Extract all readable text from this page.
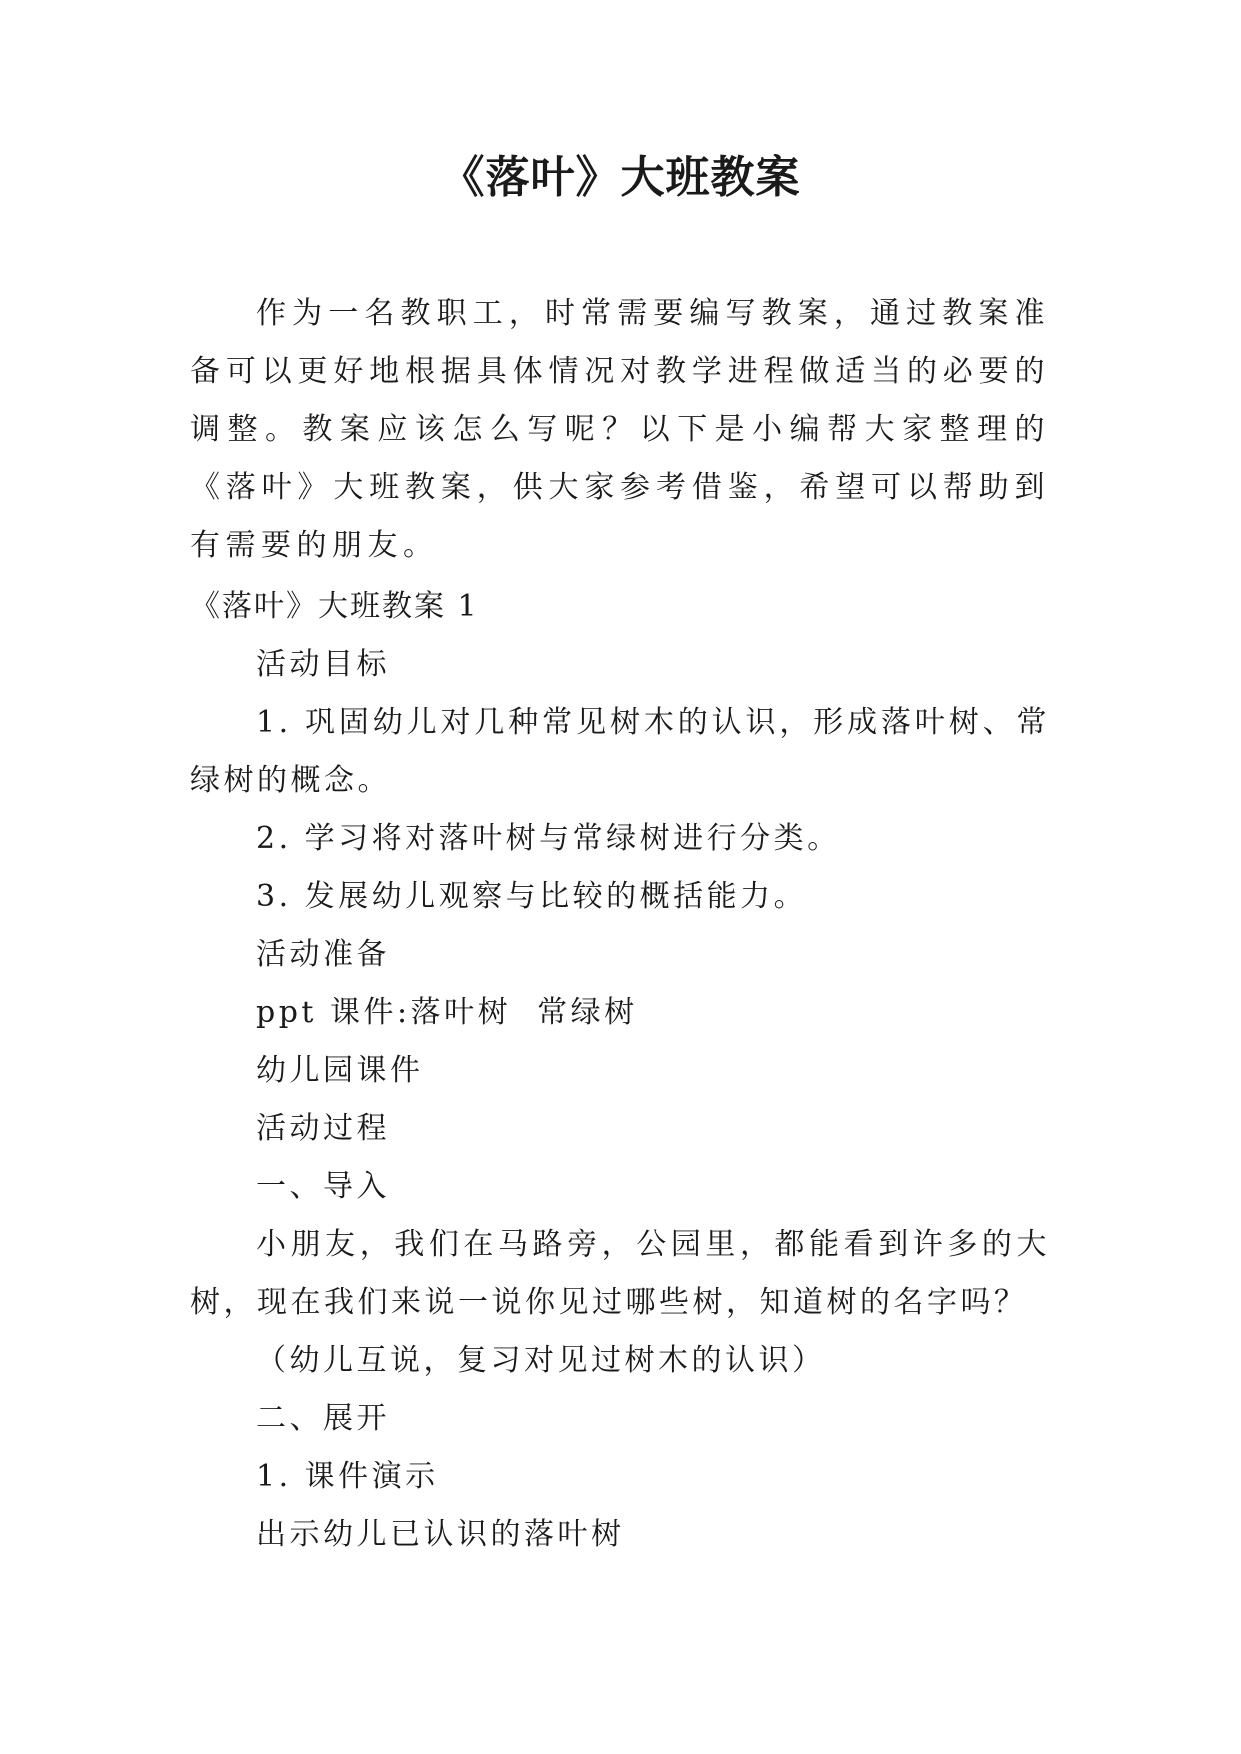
《落叶》大班教案

作为一名教职工，时常需要编写教案，通过教案准备可以更好地根据具体情况对教学进程做适当的必要的调整。教案应该怎么写呢？以下是小编帮大家整理的《落叶》大班教案，供大家参考借鉴，希望可以帮助到有需要的朋友。

《落叶》大班教案 1

活动目标

1. 巩固幼儿对几种常见树木的认识，形成落叶树、常绿树的概念。

2. 学习将对落叶树与常绿树进行分类。

3. 发展幼儿观察与比较的概括能力。

活动准备

ppt 课件:落叶树  常绿树

幼儿园课件

活动过程

一、导入

小朋友，我们在马路旁，公园里，都能看到许多的大树，现在我们来说一说你见过哪些树，知道树的名字吗？

（幼儿互说，复习对见过树木的认识）

二、展开

1. 课件演示

出示幼儿已认识的落叶树
